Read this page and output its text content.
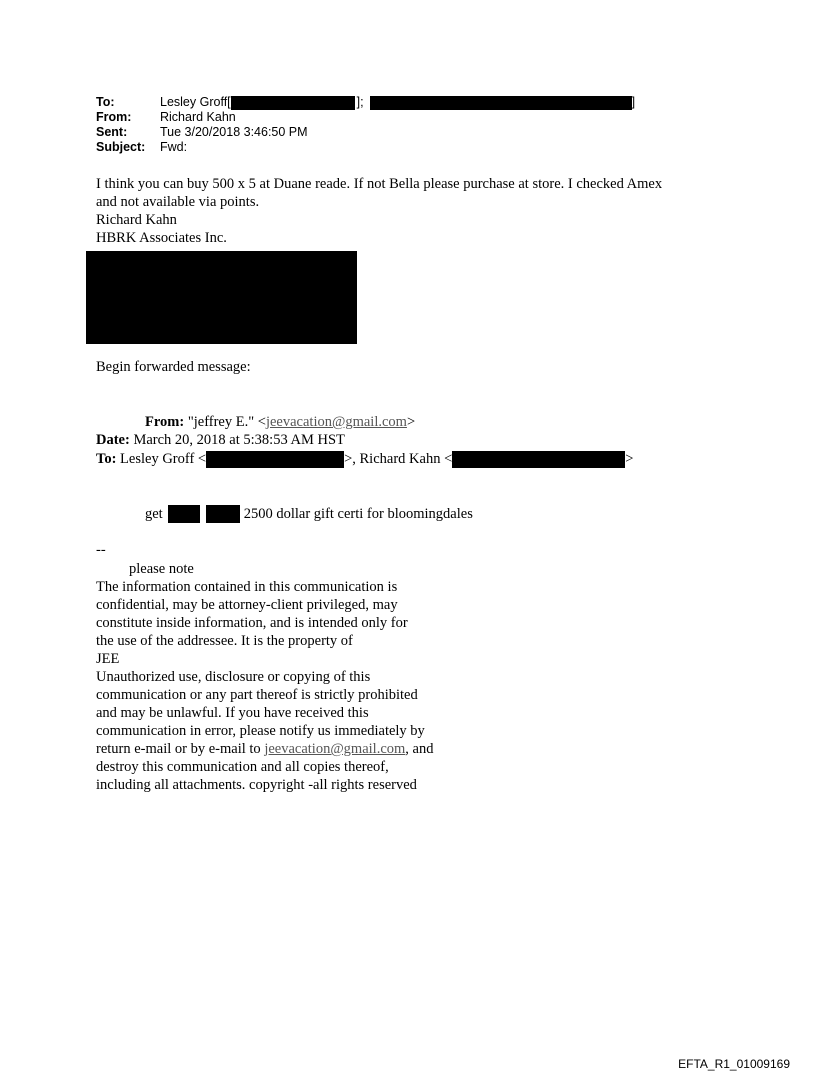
To:	Lesley Groff[	];	]
From:	Richard Kahn
Sent:	Tue 3/20/2018 3:46:50 PM
Subject:	Fwd:
I think you can buy 500 x 5 at Duane reade. If not Bella please purchase at store. I checked Amex
and not available via points.
Richard Kahn
HBRK Associates Inc.
Begin forwarded message:
From: "jeffrey E." <jeevacation@gmail.com>
Date: March 20, 2018 at 5:38:53 AM HST
To:
Lesley Groff <	>, Richard Kahn <	>
get	2500 dollar gift certi for bloomingdales
--
please note
The information contained in this communication is
confidential, may be attorney-client privileged, may
constitute inside information, and is intended only for
the use of the addressee. It is the property of
JEE
Unauthorized use, disclosure or copying of this
communication or any part thereof is strictly prohibited
and may be unlawful. If you have received this
communication in error, please notify us immediately by
return e-mail or by e-mail to jeevacation@gmail.com, and
destroy this communication and all copies thereof,
including all attachments. copyright -all rights reserved
EFTA_R1_01009169
